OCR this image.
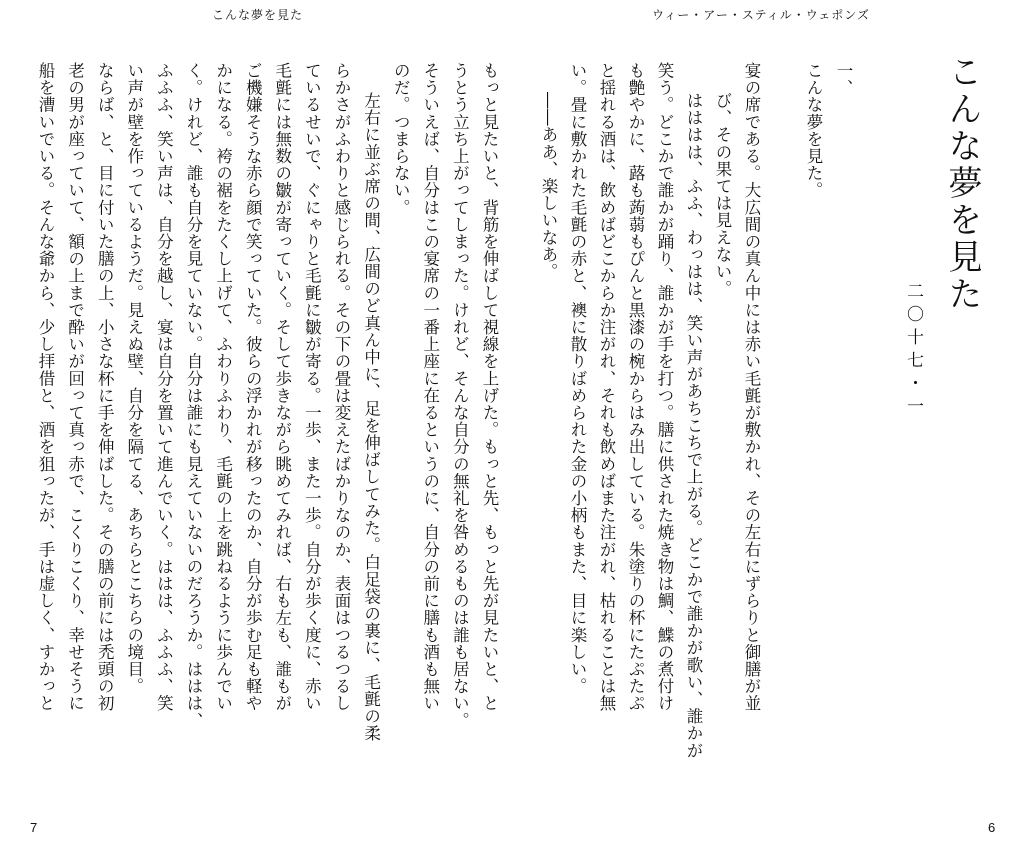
こんな夢を見た	ウィー・アー・スティル・ウェポンズ
こんな夢を見た
二〇十七・一
一、
こんな夢を見た。
宴の席である。大広間の真ん中には赤い毛氈が敷かれ、その左右にずらりと御膳が並
び、その果ては見えない。
はははは、ふふ、わっはは、笑い声があちこちで上がる。どこかで誰かが歌い、誰かが
笑う。どこかで誰かが踊り、誰かが手を打つ。膳に供された焼き物は鯛、鰈の煮付け
も艶やかに、蕗も蒟蒻もぴんと黒漆の椀からはみ出している。朱塗りの杯にたぷたぷ
と揺れる酒は、飲めばどこからか注がれ、それも飲めばまた注がれ、枯れることは無
い。畳に敷かれた毛氈の赤と、襖に散りばめられた金の小柄もまた、目に楽しい。
――ああ、楽しいなあ。
もっと見たいと、背筋を伸ばして視線を上げた。もっと先、もっと先が見たいと、と
うとう立ち上がってしまった。けれど、そんな自分の無礼を咎めるものは誰も居ない。
そういえば、自分はこの宴席の一番上座に在るというのに、自分の前に膳も酒も無い
のだ。つまらない。
左右に並ぶ席の間、広間のど真ん中に、足を伸ばしてみた。白足袋の裏に、毛氈の柔
らかさがふわりと感じられる。その下の畳は変えたばかりなのか、表面はつるつるし
ているせいで、ぐにゃりと毛氈に皺が寄る。一歩、また一歩。自分が歩く度に、赤い
毛氈には無数の皺が寄っていく。そして歩きながら眺めてみれば、右も左も、誰もが
ご機嫌そうな赤ら顔で笑っていた。彼らの浮かれが移ったのか、自分が歩む足も軽や
かになる。袴の裾をたくし上げて、ふわりふわり、毛氈の上を跳ねるように歩んでい
く。けれど、誰も自分を見ていない。自分は誰にも見えていないのだろうか。ははは、
ふふふ、笑い声は、自分を越し、宴は自分を置いて進んでいく。ははは、ふふふ、笑
い声が壁を作っているようだ。見えぬ壁、自分を隔てる、あちらとこちらの境目。
ならば、と、目に付いた膳の上、小さな杯に手を伸ばした。その膳の前には禿頭の初
老の男が座っていて、額の上まで酔いが回って真っ赤で、こくりこくり、幸せそうに
船を漕いでいる。そんな爺から、少し拝借と、酒を狙ったが、手は虚しく、すかっと
7	6
